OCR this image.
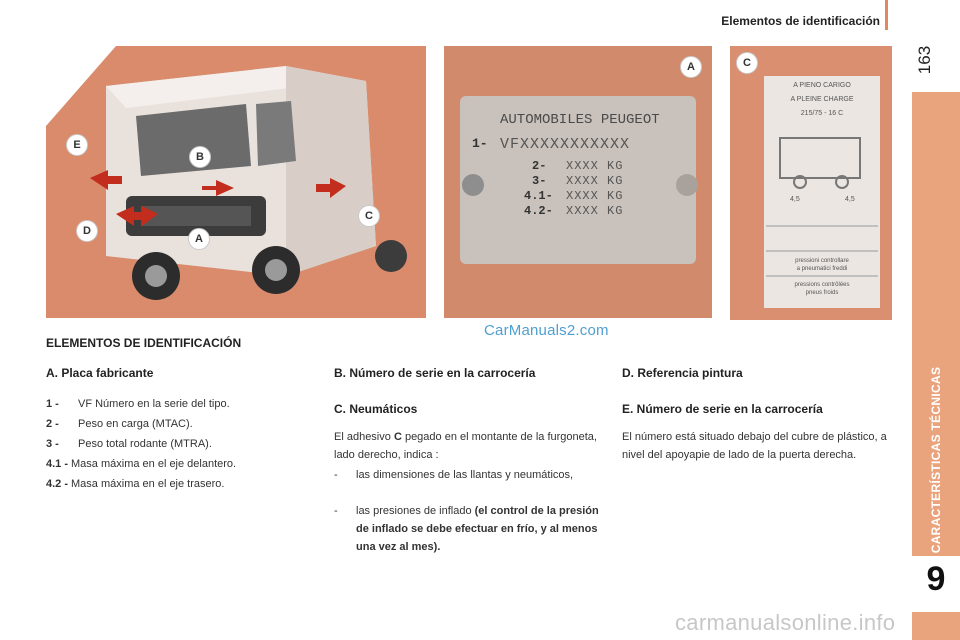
Elementos de identificación
163
CARACTERÍSTICAS TÉCNICAS
9
E
B
D
A
C
AUTOMOBILES PEUGEOT
1- VFXXXXXXXXXXX
2- XXXX KG
3- XXXX KG
4.1- XXXX KG
4.2- XXXX KG
A
A PIENO CARIGO
A PLEINE CHARGE
215/75 - 16 C
4,5	4,5
pressioni controllare
a pneumatici freddi
pressions contrôlées
pneus froids
C
CarManuals2.com
carmanualsonline.info
ELEMENTOS DE IDENTIFICACIÓN
A. Placa fabricante
1 - VF Número en la serie del tipo.
2 - Peso en carga (MTAC).
3 - Peso total rodante (MTRA).
4.1 - Masa máxima en el eje delantero.
4.2 - Masa máxima en el eje trasero.
B. Número de serie en la carrocería
C. Neumáticos
El adhesivo C pegado en el montante de la furgoneta, lado derecho, indica :
- las dimensiones de las llantas y neumáticos,
- las presiones de inflado (el control de la presión de inflado se debe efectuar en frío, y al menos una vez al mes).
D. Referencia pintura
E. Número de serie en la carrocería
El número está situado debajo del cubre de plástico, a nivel del apoyapie de lado de la puerta derecha.
